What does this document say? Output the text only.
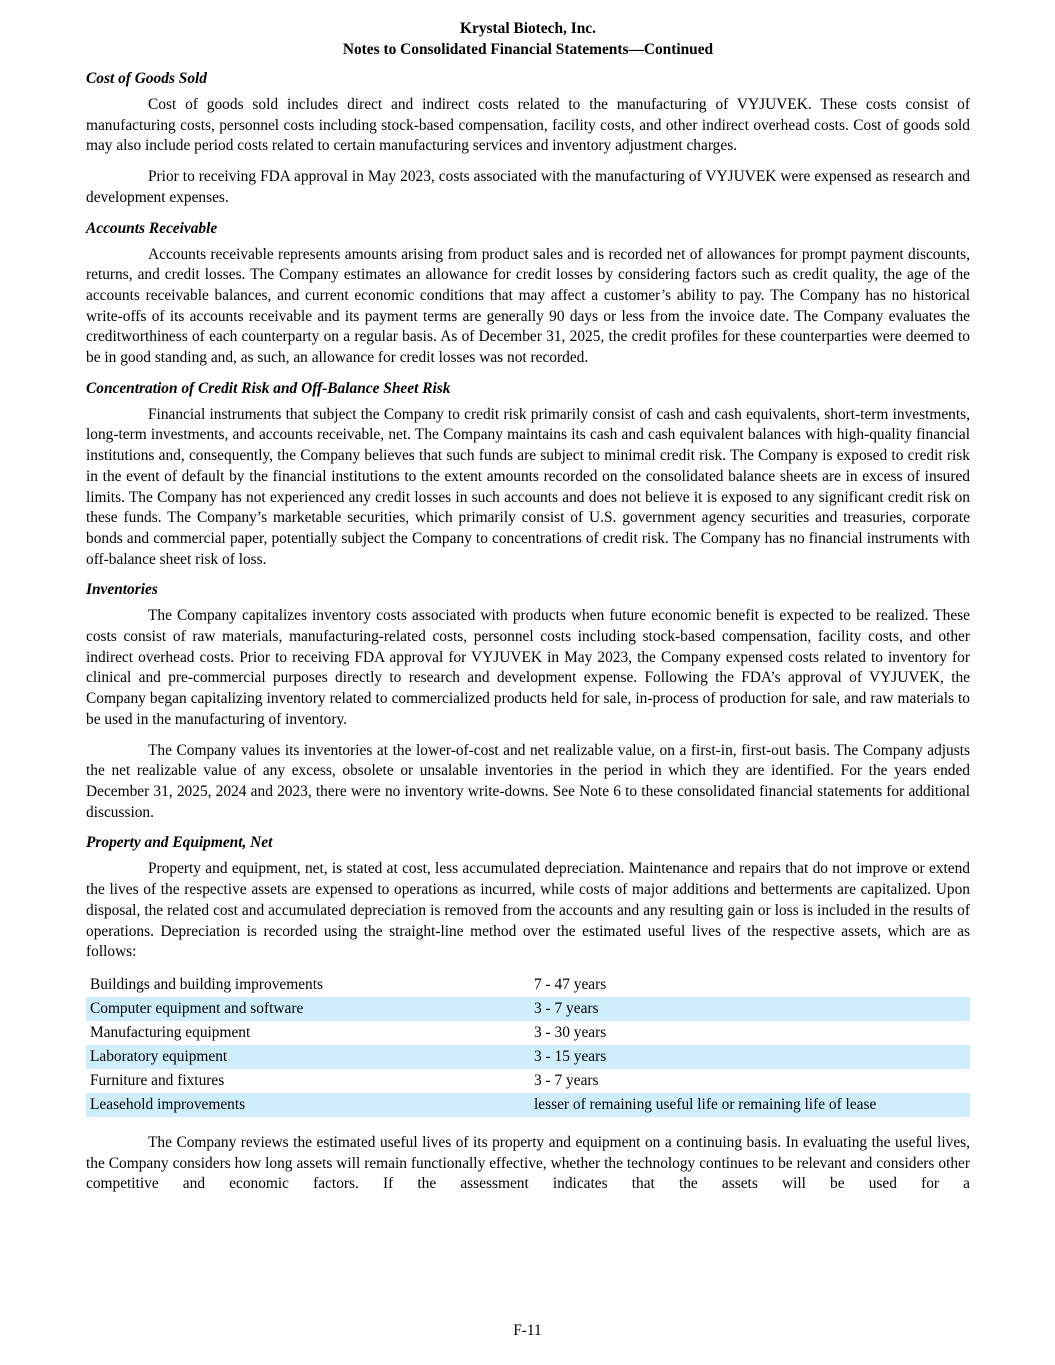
Krystal Biotech, Inc.
Notes to Consolidated Financial Statements—Continued
Cost of Goods Sold

Cost of goods sold includes direct and indirect costs related to the manufacturing of VYJUVEK. These costs consist of manufacturing costs, personnel costs including stock-based compensation, facility costs, and other indirect overhead costs. Cost of goods sold may also include period costs related to certain manufacturing services and inventory adjustment charges.

Prior to receiving FDA approval in May 2023, costs associated with the manufacturing of VYJUVEK were expensed as research and development expenses.

Accounts Receivable

Accounts receivable represents amounts arising from product sales and is recorded net of allowances for prompt payment discounts, returns, and credit losses. The Company estimates an allowance for credit losses by considering factors such as credit quality, the age of the accounts receivable balances, and current economic conditions that may affect a customer’s ability to pay. The Company has no historical write-offs of its accounts receivable and its payment terms are generally 90 days or less from the invoice date. The Company evaluates the creditworthiness of each counterparty on a regular basis. As of December 31, 2025, the credit profiles for these counterparties were deemed to be in good standing and, as such, an allowance for credit losses was not recorded.

Concentration of Credit Risk and Off-Balance Sheet Risk

Financial instruments that subject the Company to credit risk primarily consist of cash and cash equivalents, short-term investments, long-term investments, and accounts receivable, net. The Company maintains its cash and cash equivalent balances with high-quality financial institutions and, consequently, the Company believes that such funds are subject to minimal credit risk. The Company is exposed to credit risk in the event of default by the financial institutions to the extent amounts recorded on the consolidated balance sheets are in excess of insured limits. The Company has not experienced any credit losses in such accounts and does not believe it is exposed to any significant credit risk on these funds. The Company’s marketable securities, which primarily consist of U.S. government agency securities and treasuries, corporate bonds and commercial paper, potentially subject the Company to concentrations of credit risk. The Company has no financial instruments with off-balance sheet risk of loss.

Inventories

The Company capitalizes inventory costs associated with products when future economic benefit is expected to be realized. These costs consist of raw materials, manufacturing-related costs, personnel costs including stock-based compensation, facility costs, and other indirect overhead costs. Prior to receiving FDA approval for VYJUVEK in May 2023, the Company expensed costs related to inventory for clinical and pre-commercial purposes directly to research and development expense. Following the FDA’s approval of VYJUVEK, the Company began capitalizing inventory related to commercialized products held for sale, in-process of production for sale, and raw materials to be used in the manufacturing of inventory.

The Company values its inventories at the lower-of-cost and net realizable value, on a first-in, first-out basis. The Company adjusts the net realizable value of any excess, obsolete or unsalable inventories in the period in which they are identified. For the years ended December 31, 2025, 2024 and 2023, there were no inventory write-downs. See Note 6 to these consolidated financial statements for additional discussion.

Property and Equipment, Net

Property and equipment, net, is stated at cost, less accumulated depreciation. Maintenance and repairs that do not improve or extend the lives of the respective assets are expensed to operations as incurred, while costs of major additions and betterments are capitalized. Upon disposal, the related cost and accumulated depreciation is removed from the accounts and any resulting gain or loss is included in the results of operations. Depreciation is recorded using the straight-line method over the estimated useful lives of the respective assets, which are as follows:

Buildings and building improvements	7 - 47 years
Computer equipment and software	3 - 7 years
Manufacturing equipment	3 - 30 years
Laboratory equipment	3 - 15 years
Furniture and fixtures	3 - 7 years
Leasehold improvements	lesser of remaining useful life or remaining life of lease

The Company reviews the estimated useful lives of its property and equipment on a continuing basis. In evaluating the useful lives, the Company considers how long assets will remain functionally effective, whether the technology continues to be relevant and considers other competitive and economic factors. If the assessment indicates that the assets will be used for a

F-11
